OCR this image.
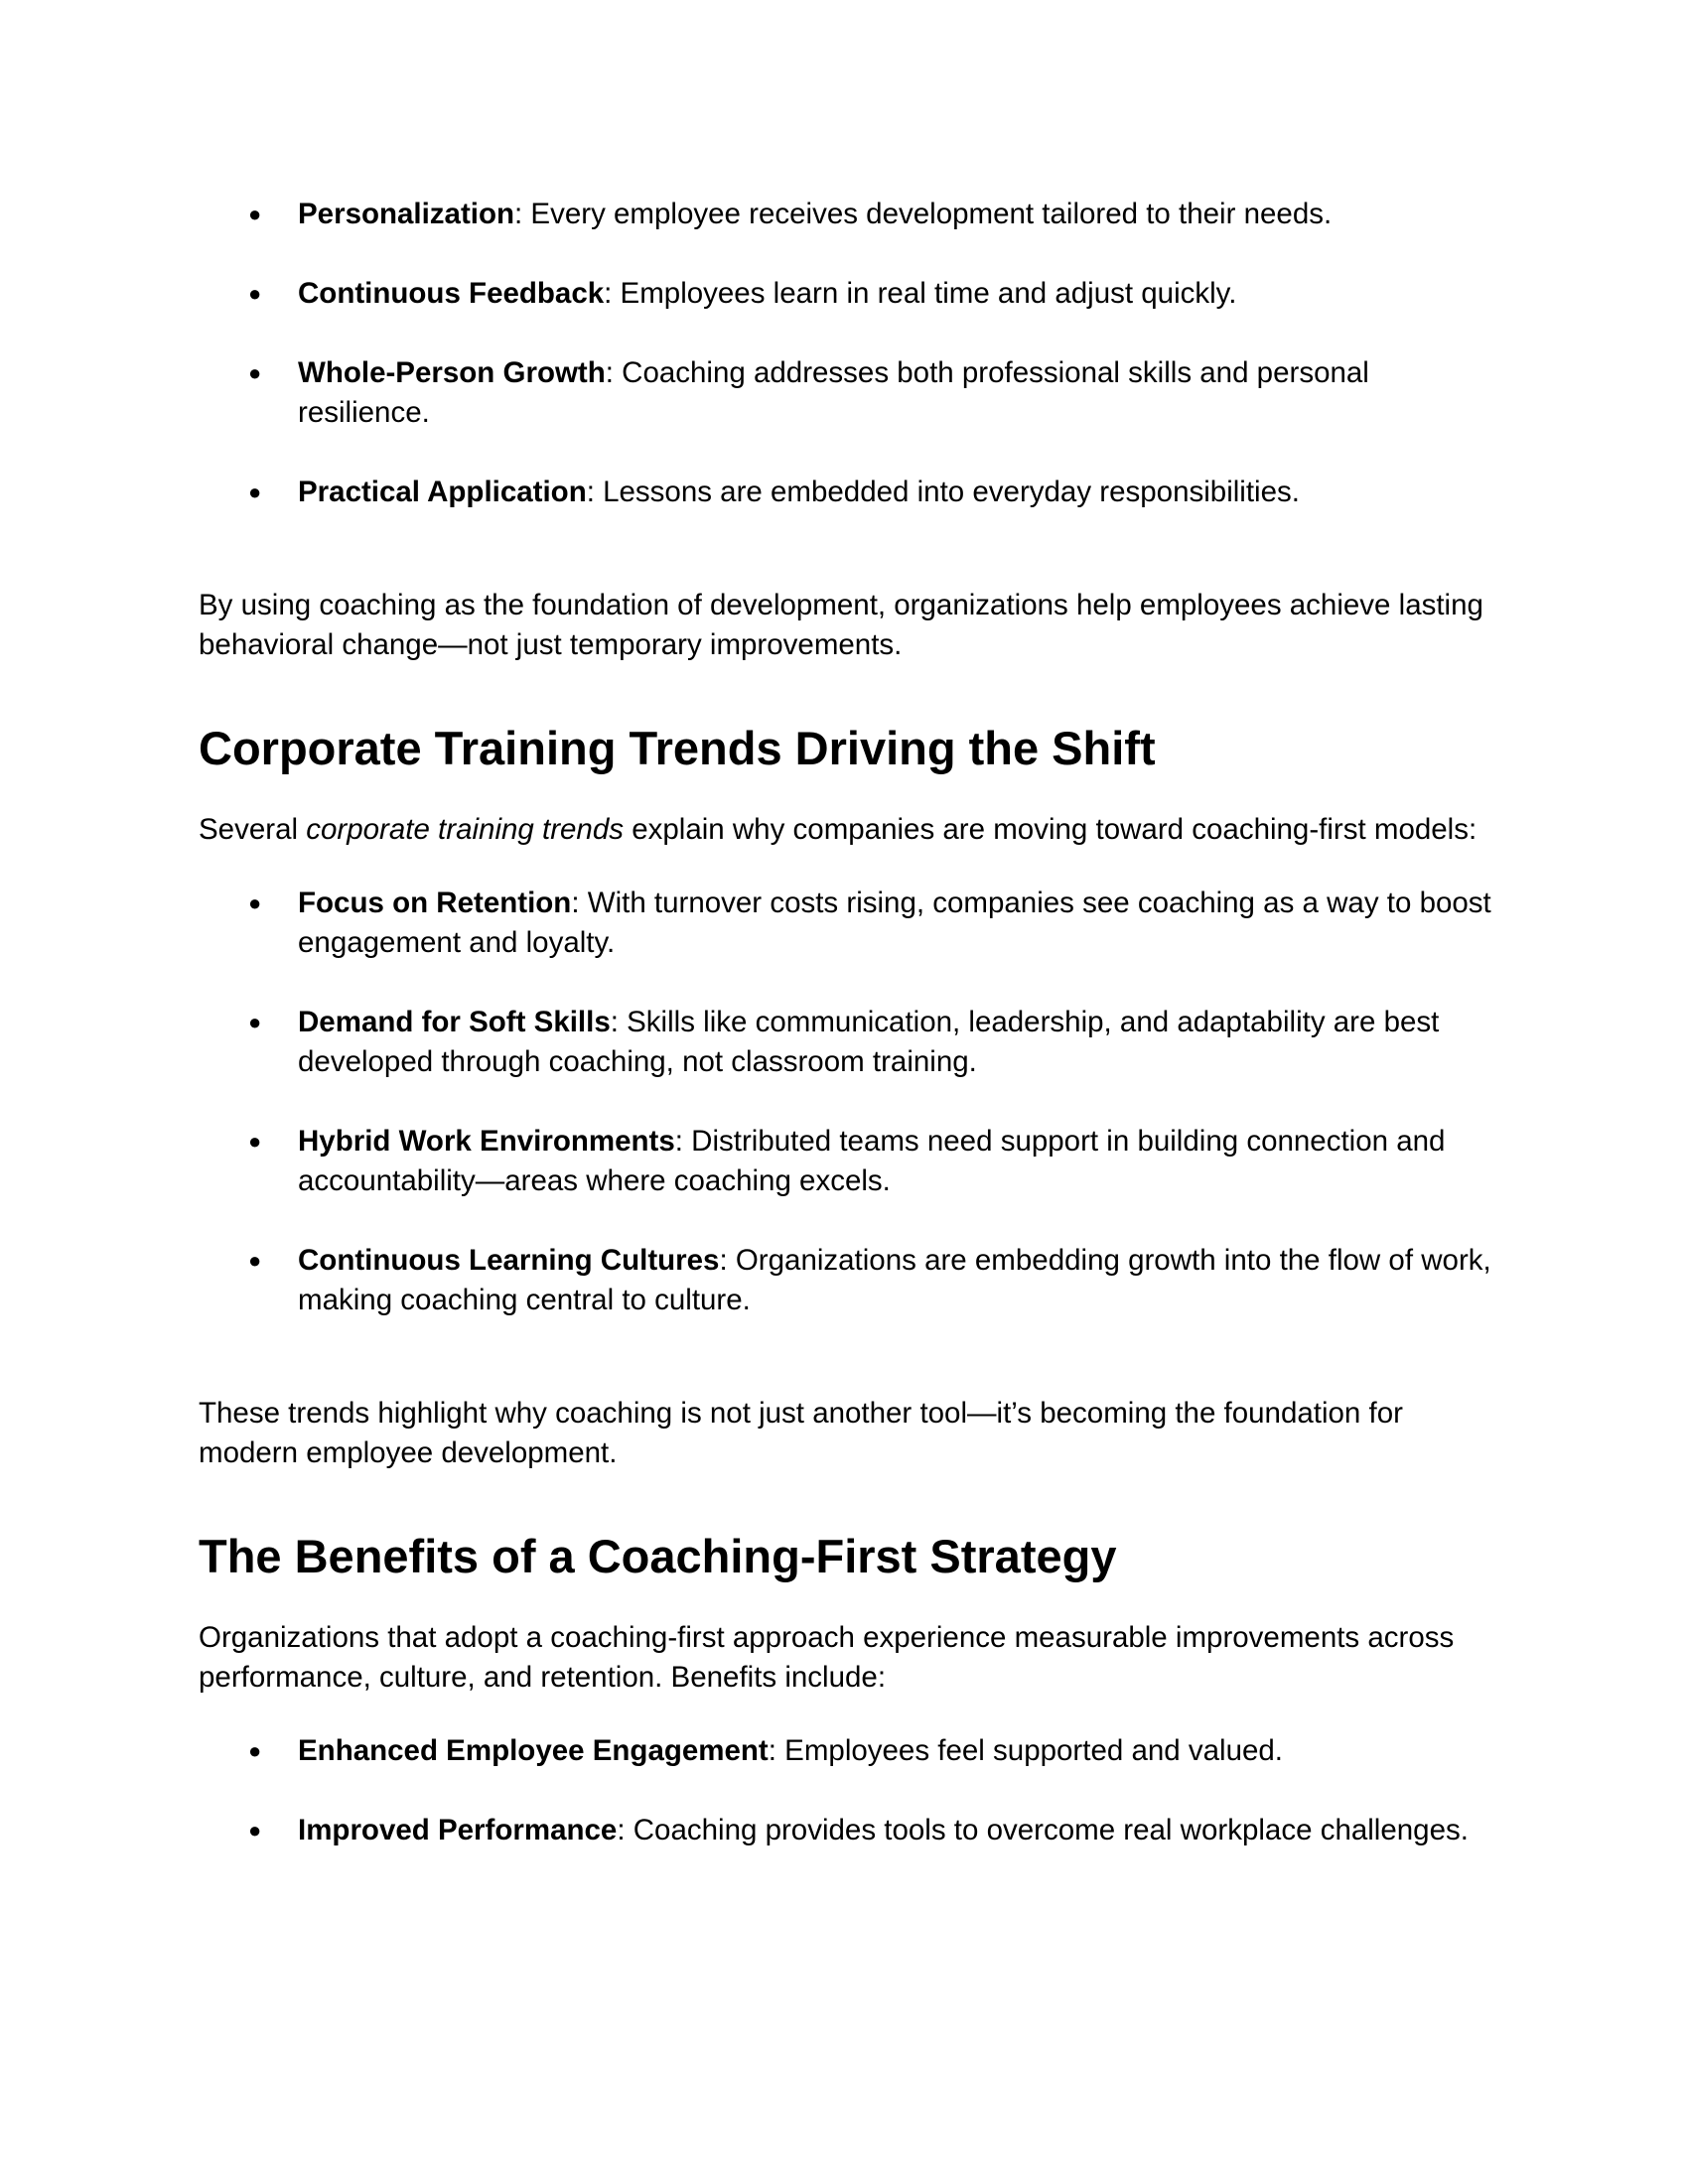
● Personalization: Every employee receives development tailored to their needs.
● Continuous Feedback: Employees learn in real time and adjust quickly.
● Whole-Person Growth: Coaching addresses both professional skills and personal resilience.
● Practical Application: Lessons are embedded into everyday responsibilities.

By using coaching as the foundation of development, organizations help employees achieve lasting behavioral change—not just temporary improvements.

Corporate Training Trends Driving the Shift

Several corporate training trends explain why companies are moving toward coaching-first models:

● Focus on Retention: With turnover costs rising, companies see coaching as a way to boost engagement and loyalty.
● Demand for Soft Skills: Skills like communication, leadership, and adaptability are best developed through coaching, not classroom training.
● Hybrid Work Environments: Distributed teams need support in building connection and accountability—areas where coaching excels.
● Continuous Learning Cultures: Organizations are embedding growth into the flow of work, making coaching central to culture.

These trends highlight why coaching is not just another tool—it’s becoming the foundation for modern employee development.

The Benefits of a Coaching-First Strategy

Organizations that adopt a coaching-first approach experience measurable improvements across performance, culture, and retention. Benefits include:

● Enhanced Employee Engagement: Employees feel supported and valued.
● Improved Performance: Coaching provides tools to overcome real workplace challenges.
